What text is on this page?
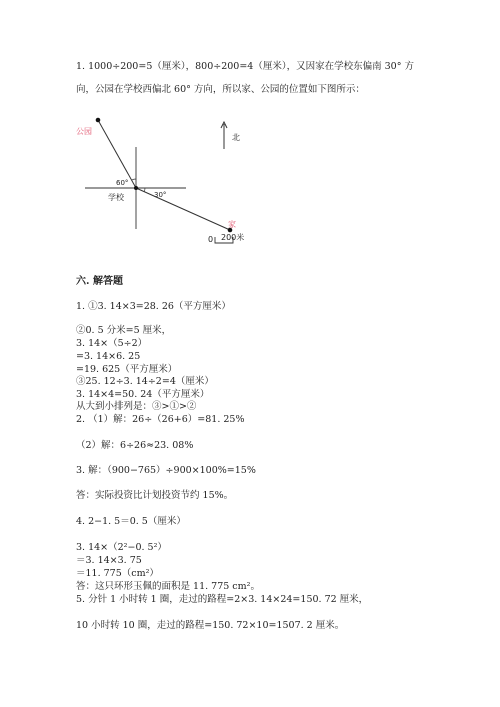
1. 1000÷200=5（厘米），800÷200=4（厘米），又因家在学校东偏南 30° 方
向，公园在学校西偏北 60° 方向，所以家、公园的位置如下图所示：
公园
学校
家
北
60°
30°
0 200米
六. 解答题
1. ①3. 14×3=28. 26（平方厘米）
②0. 5 分米=5 厘米，
3. 14×（5÷2）
=3. 14×6. 25
=19. 625（平方厘米）
③25. 12÷3. 14÷2=4（厘米）
3. 14×4=50. 24（平方厘米）
从大到小排列是：③>①>②
2. （1）解：26÷（26+6）=81. 25%
（2）解：6÷26≈23. 08%
3. 解：（900−765）÷900×100%=15%
答：实际投资比计划投资节约 15%。
4. 2−1. 5＝0. 5（厘米）
3. 14×（2²−0. 5²）
＝3. 14×3. 75
＝11. 775（cm²）
答：这只环形玉佩的面积是 11. 775 cm²。
5. 分针 1 小时转 1 圈，走过的路程=2×3. 14×24=150. 72 厘米，
10 小时转 10 圈，走过的路程=150. 72×10=1507. 2 厘米。
